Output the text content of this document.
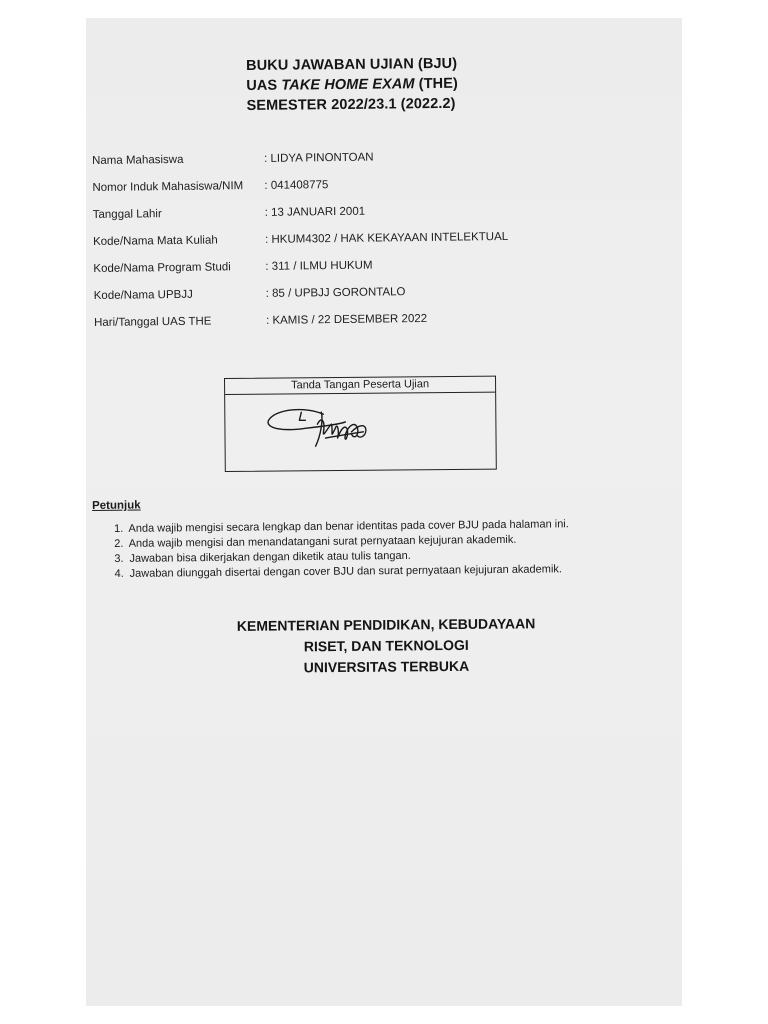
BUKU JAWABAN UJIAN (BJU)
UAS TAKE HOME EXAM (THE)
SEMESTER 2022/23.1 (2022.2)
Nama Mahasiswa	: LIDYA PINONTOAN
Nomor Induk Mahasiswa/NIM	: 041408775
Tanggal Lahir	: 13 JANUARI 2001
Kode/Nama Mata Kuliah	: HKUM4302 / HAK KEKAYAAN INTELEKTUAL
Kode/Nama Program Studi	: 311 / ILMU HUKUM
Kode/Nama UPBJJ	: 85 / UPBJJ GORONTALO
Hari/Tanggal UAS THE	: KAMIS / 22 DESEMBER 2022
Tanda Tangan Peserta Ujian
Petunjuk
1. Anda wajib mengisi secara lengkap dan benar identitas pada cover BJU pada halaman ini.
2. Anda wajib mengisi dan menandatangani surat pernyataan kejujuran akademik.
3. Jawaban bisa dikerjakan dengan diketik atau tulis tangan.
4. Jawaban diunggah disertai dengan cover BJU dan surat pernyataan kejujuran akademik.
KEMENTERIAN PENDIDIKAN, KEBUDAYAAN
RISET, DAN TEKNOLOGI
UNIVERSITAS TERBUKA
